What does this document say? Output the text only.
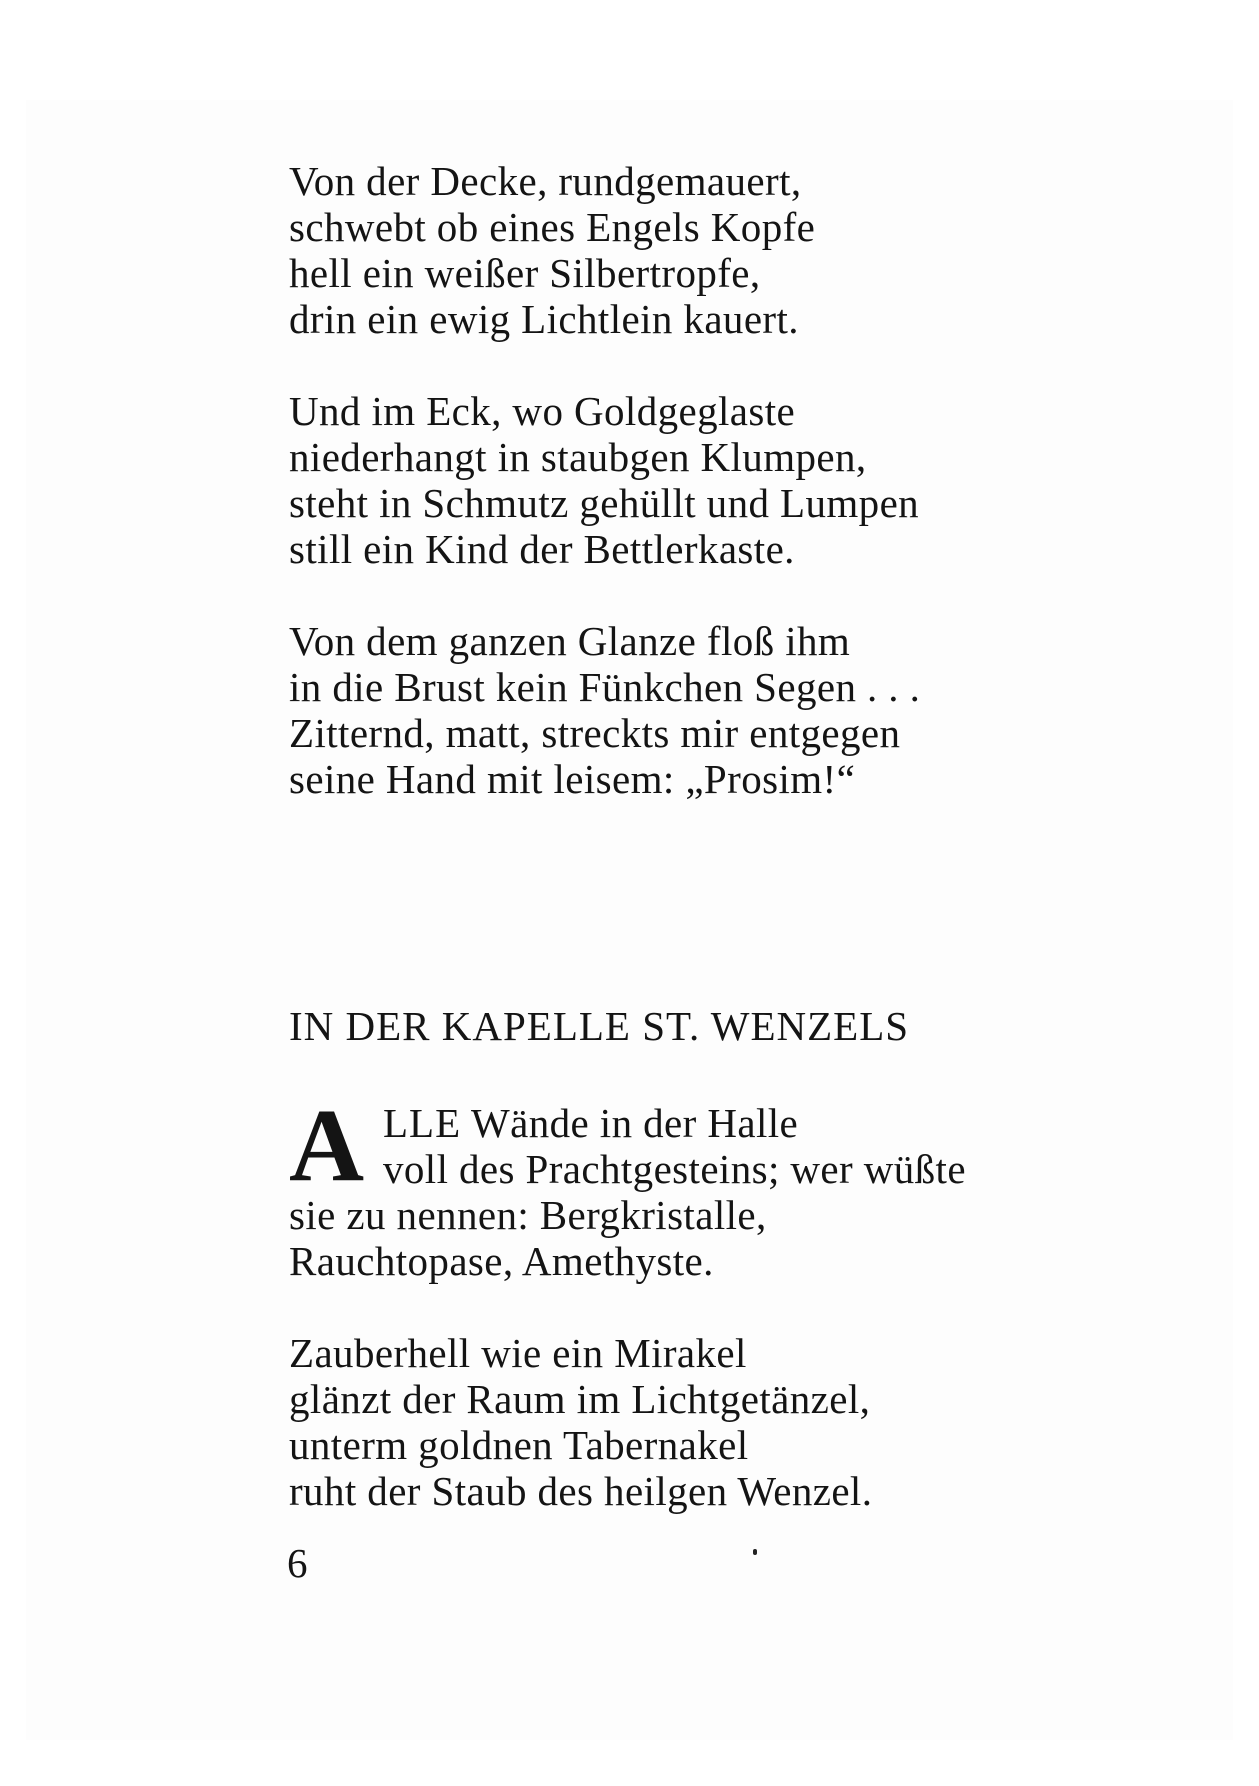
Von der Decke, rundgemauert,
schwebt ob eines Engels Kopfe
hell ein weißer Silbertropfe,
drin ein ewig Lichtlein kauert.
Und im Eck, wo Goldgeglaste
niederhangt in staubgen Klumpen,
steht in Schmutz gehüllt und Lumpen
still ein Kind der Bettlerkaste.
Von dem ganzen Glanze floß ihm
in die Brust kein Fünkchen Segen . . .
Zitternd, matt, streckts mir entgegen
seine Hand mit leisem: „Prosim!“
IN DER KAPELLE ST. WENZELS
A LLE Wände in der Halle
voll des Prachtgesteins; wer wüßte
sie zu nennen: Bergkristalle,
Rauchtopase, Amethyste.
Zauberhell wie ein Mirakel
glänzt der Raum im Lichtgetänzel,
unterm goldnen Tabernakel
ruht der Staub des heilgen Wenzel.
6
